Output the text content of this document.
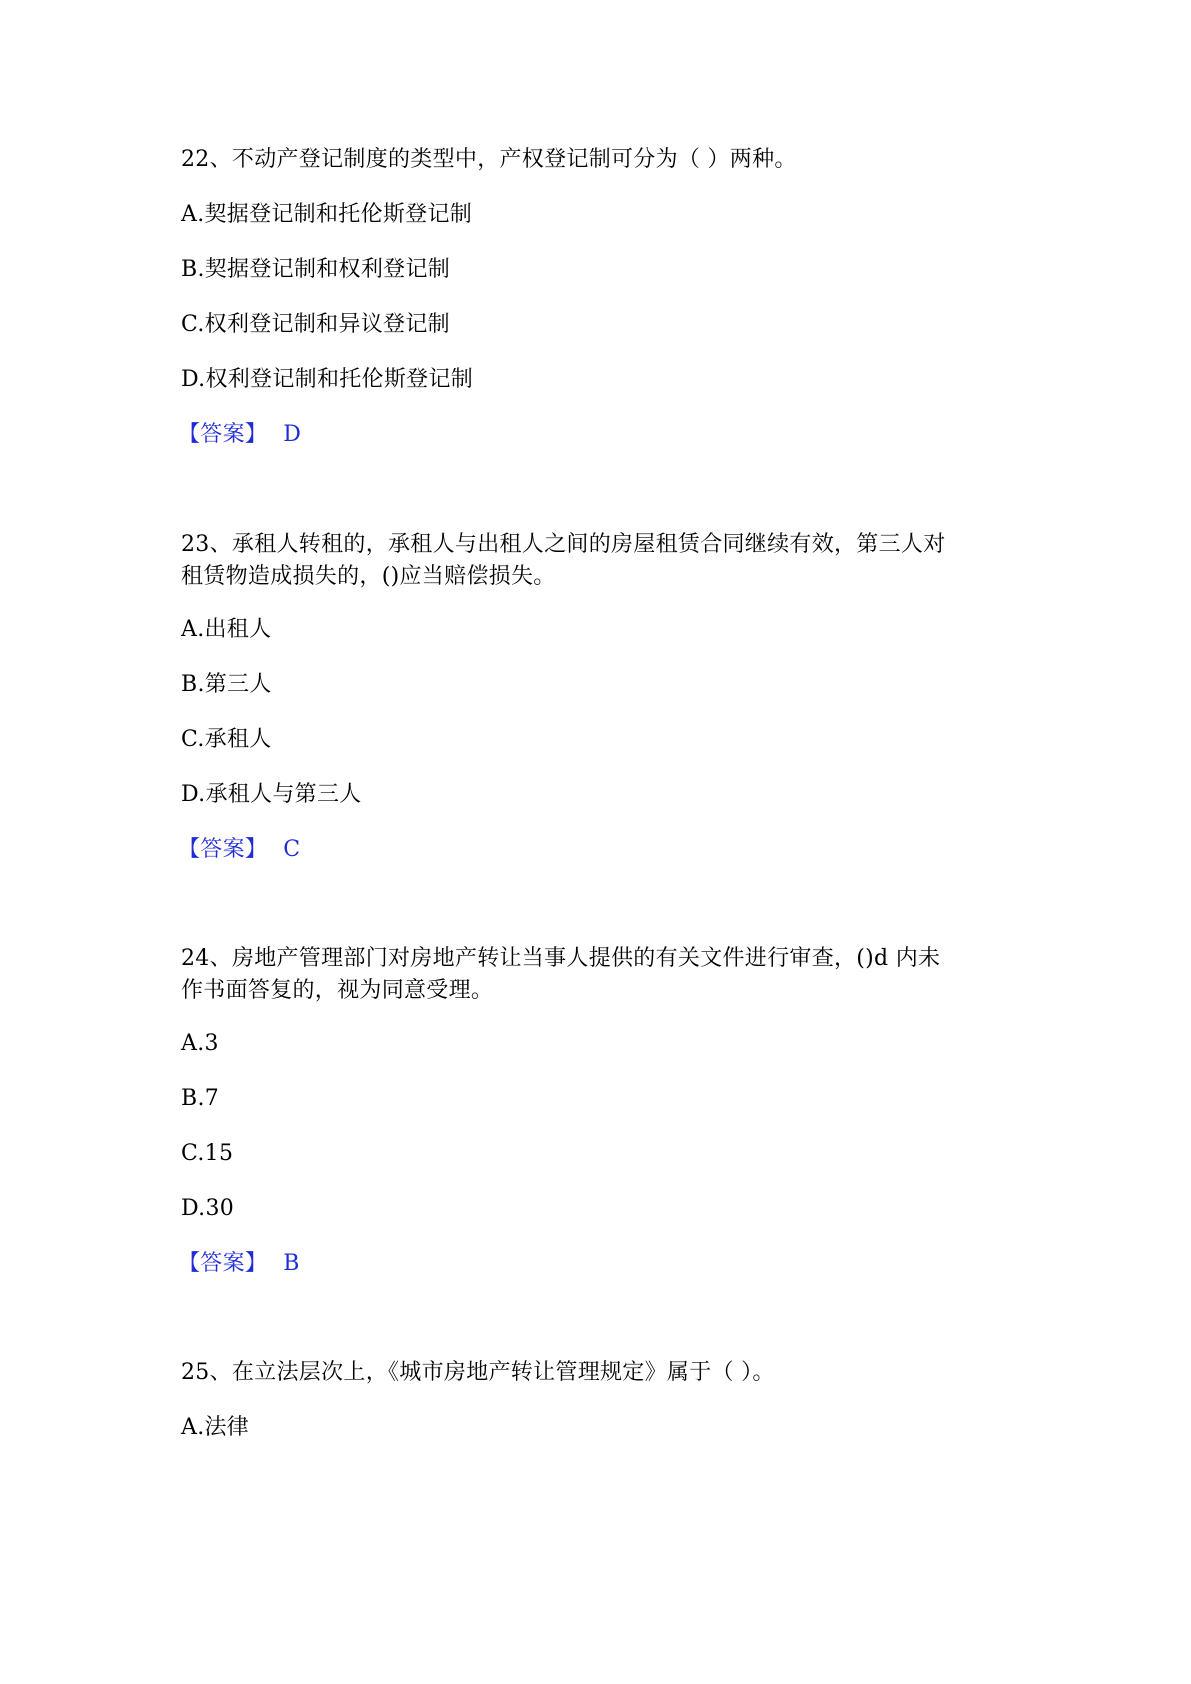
22、不动产登记制度的类型中，产权登记制可分为（ ）两种。
A.契据登记制和托伦斯登记制
B.契据登记制和权利登记制
C.权利登记制和异议登记制
D.权利登记制和托伦斯登记制
【答案】 D
23、承租人转租的，承租人与出租人之间的房屋租赁合同继续有效，第三人对
租赁物造成损失的，()应当赔偿损失。
A.出租人
B.第三人
C.承租人
D.承租人与第三人
【答案】 C
24、房地产管理部门对房地产转让当事人提供的有关文件进行审查，()d 内未
作书面答复的，视为同意受理。
A.3
B.7
C.15
D.30
【答案】 B
25、在立法层次上，《城市房地产转让管理规定》属于（ ）。
A.法律
